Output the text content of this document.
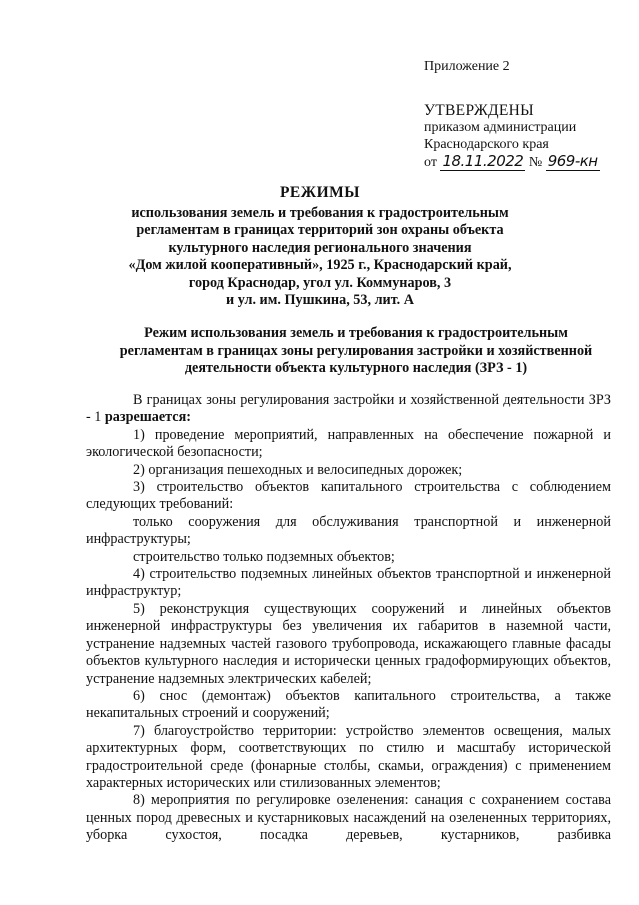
Приложение 2
УТВЕРЖДЕНЫ
приказом администрации
Краснодарского края
от 18.11.2022 № 969-кн
РЕЖИМЫ
использования земель и требования к градостроительным
регламентам в границах территорий зон охраны объекта
культурного наследия регионального значения
«Дом жилой кооперативный», 1925 г., Краснодарский край,
город Краснодар, угол ул. Коммунаров, 3
и ул. им. Пушкина, 53, лит. А
Режим использования земель и требования к градостроительным
регламентам в границах зоны регулирования застройки и хозяйственной
деятельности объекта культурного наследия (ЗРЗ - 1)

В границах зоны регулирования застройки и хозяйственной деятельности ЗРЗ - 1 разрешается:

1) проведение мероприятий, направленных на обеспечение пожарной и экологической безопасности;

2) организация пешеходных и велосипедных дорожек;

3) строительство объектов капитального строительства с соблюдением следующих требований:

только сооружения для обслуживания транспортной и инженерной инфраструктуры;

строительство только подземных объектов;

4) строительство подземных линейных объектов транспортной и инженерной инфраструктур;

5) реконструкция существующих сооружений и линейных объектов инженерной инфраструктуры без увеличения их габаритов в наземной части, устранение надземных частей газового трубопровода, искажающего главные фасады объектов культурного наследия и исторически ценных градоформирующих объектов, устранение надземных электрических кабелей;

6) снос (демонтаж) объектов капитального строительства, а также некапитальных строений и сооружений;

7) благоустройство территории: устройство элементов освещения, малых архитектурных форм, соответствующих по стилю и масштабу исторической градостроительной среде (фонарные столбы, скамьи, ограждения) с применением характерных исторических или стилизованных элементов;

8) мероприятия по регулировке озеленения: санация с сохранением состава ценных пород древесных и кустарниковых насаждений на озелененных территориях, уборка сухостоя, посадка деревьев, кустарников, разбивка
